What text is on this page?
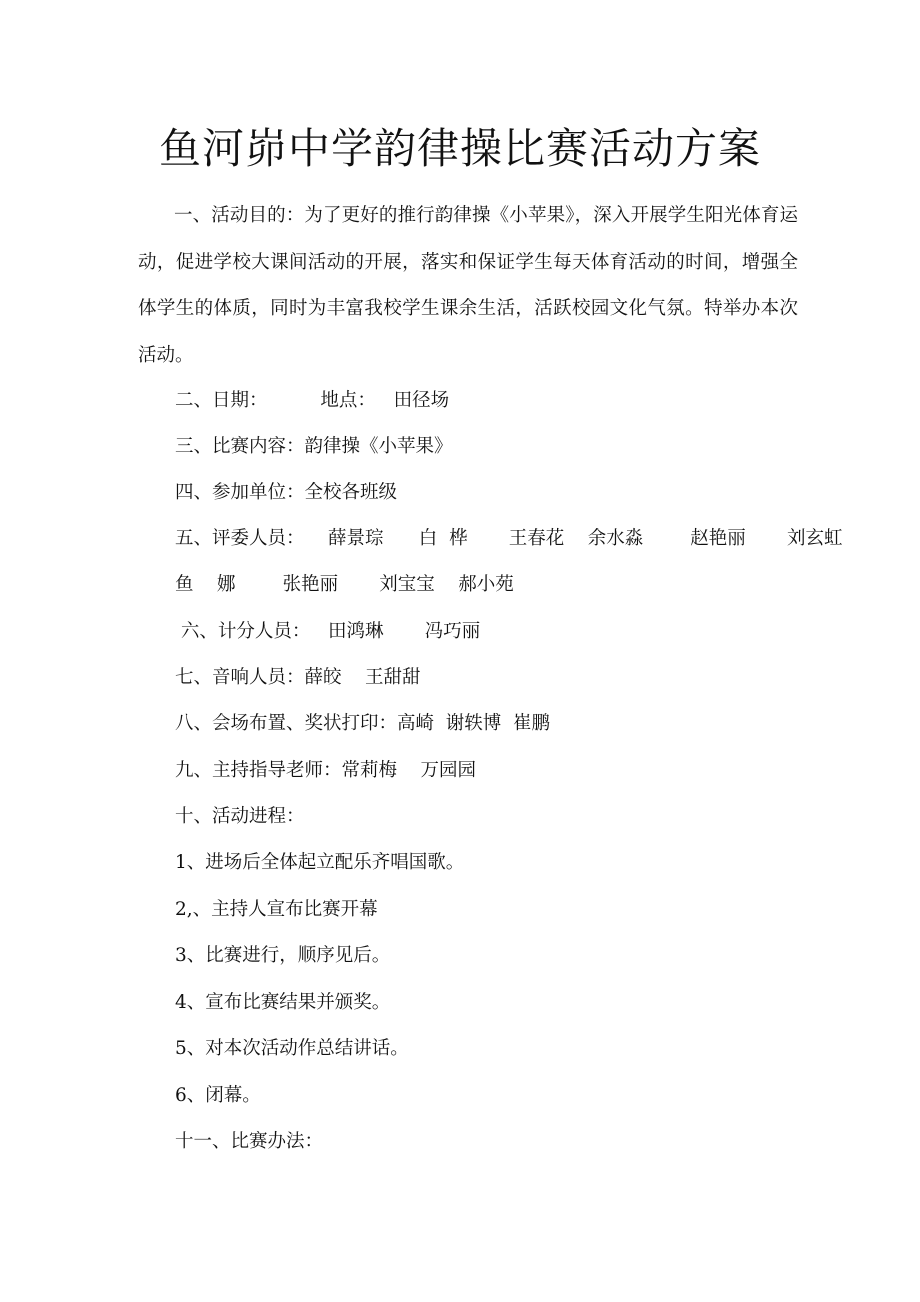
鱼河峁中学韵律操比赛活动方案
一、活动目的：为了更好的推行韵律操《小苹果》，深入开展学生阳光体育运动，促进学校大课间活动的开展，落实和保证学生每天体育活动的时间，增强全体学生的体质，同时为丰富我校学生课余生活，活跃校园文化气氛。特举办本次活动。
二、日期：         地点：   田径场
三、比赛内容：韵律操《小苹果》
四、参加单位：全校各班级
五、评委人员：    薛景琮      白  桦       王春花    余水淼        赵艳丽       刘玄虹
鱼    娜        张艳丽       刘宝宝    郝小苑
六、计分人员：   田鸿琳       冯巧丽
七、音响人员：薛皎    王甜甜
八、会场布置、奖状打印：高崎  谢轶博  崔鹏
九、主持指导老师：常莉梅    万园园
十、活动进程：
1、进场后全体起立配乐齐唱国歌。
2,、主持人宣布比赛开幕
3、比赛进行，顺序见后。
4、宣布比赛结果并颁奖。
5、对本次活动作总结讲话。
6、闭幕。
十一、比赛办法：
